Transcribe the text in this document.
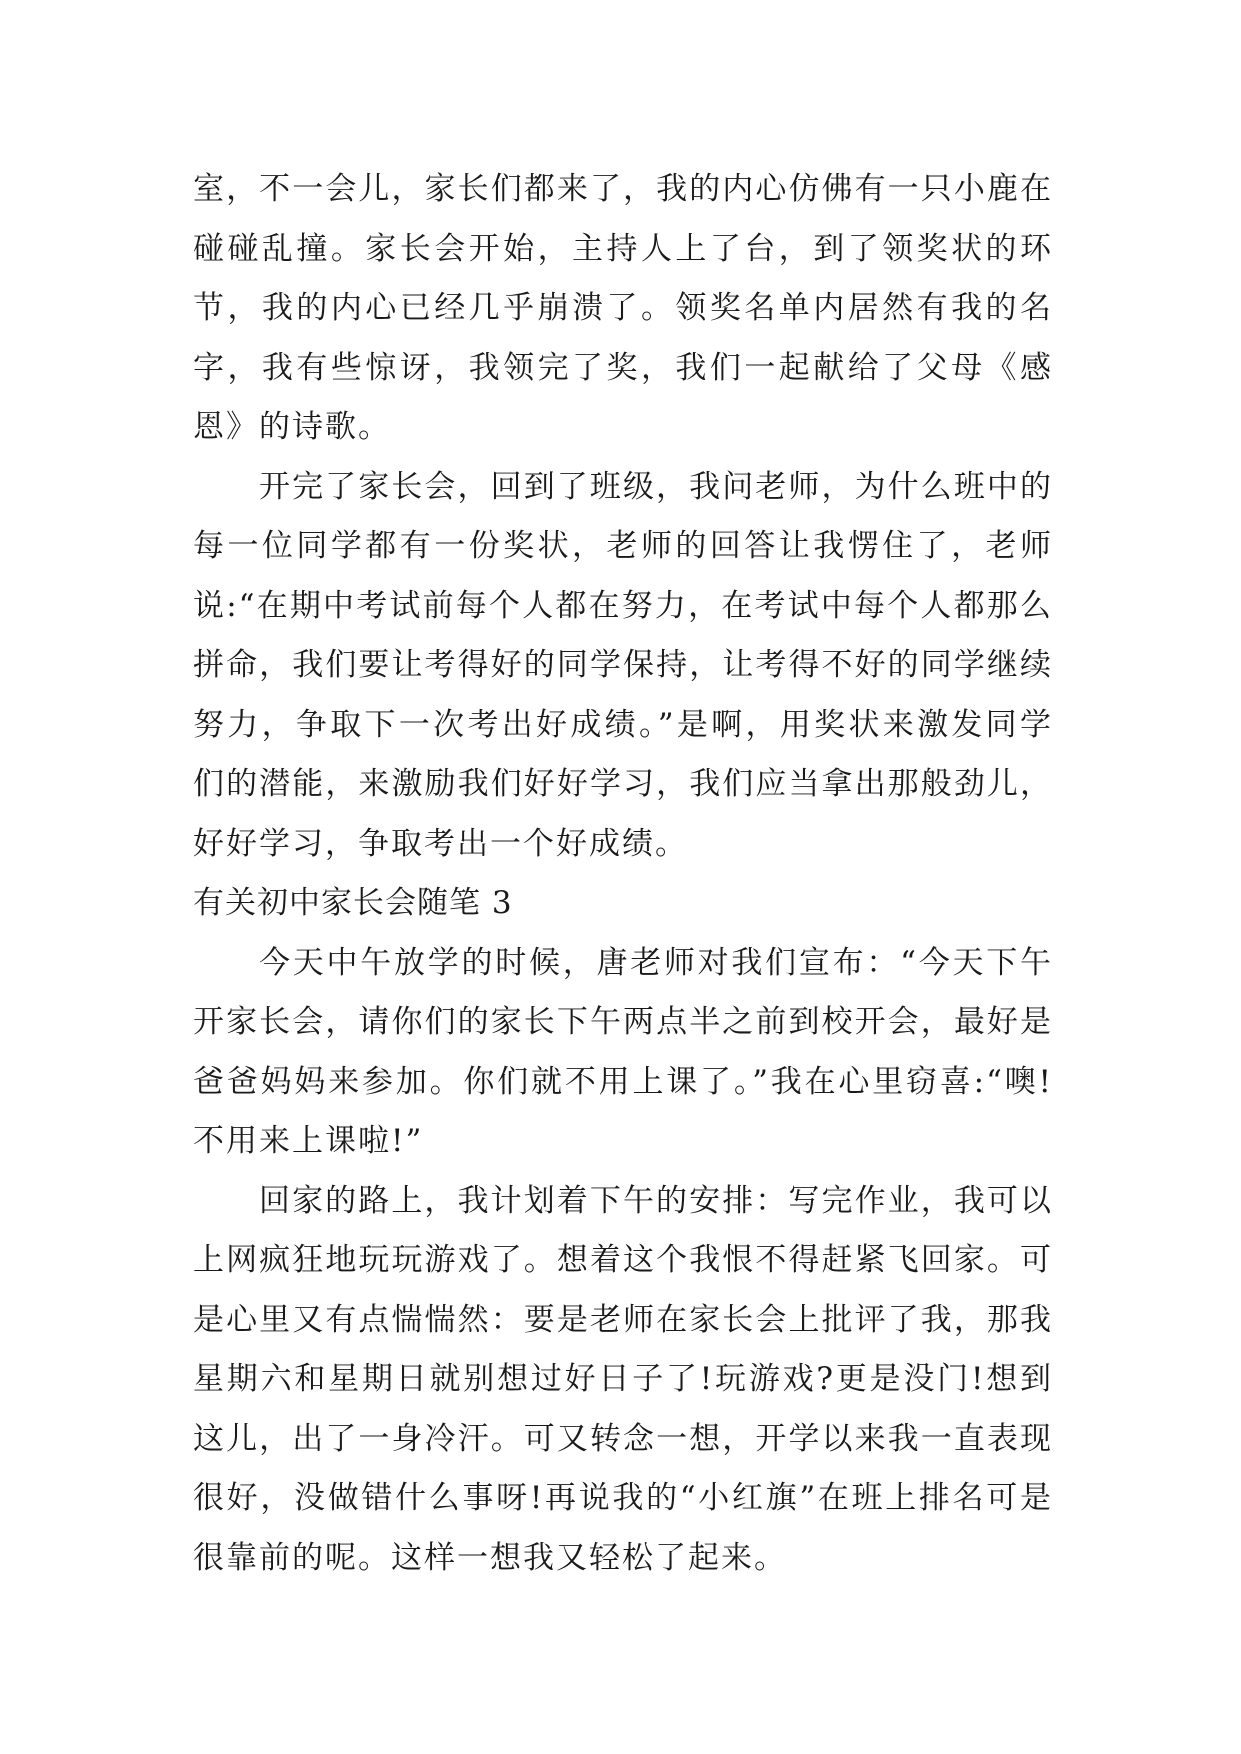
室，不一会儿，家长们都来了，我的内心仿佛有一只小鹿在碰碰乱撞。家长会开始，主持人上了台，到了领奖状的环节，我的内心已经几乎崩溃了。领奖名单内居然有我的名字，我有些惊讶，我领完了奖，我们一起献给了父母《感恩》的诗歌。

开完了家长会，回到了班级，我问老师，为什么班中的每一位同学都有一份奖状，老师的回答让我愣住了，老师说:“在期中考试前每个人都在努力，在考试中每个人都那么拼命，我们要让考得好的同学保持，让考得不好的同学继续努力，争取下一次考出好成绩。”是啊，用奖状来激发同学们的潜能，来激励我们好好学习，我们应当拿出那般劲儿，好好学习，争取考出一个好成绩。

有关初中家长会随笔 3

今天中午放学的时候，唐老师对我们宣布：“今天下午开家长会，请你们的家长下午两点半之前到校开会，最好是爸爸妈妈来参加。你们就不用上课了。”我在心里窃喜:“噢!不用来上课啦!”

回家的路上，我计划着下午的安排：写完作业，我可以上网疯狂地玩玩游戏了。想着这个我恨不得赶紧飞回家。可是心里又有点惴惴然：要是老师在家长会上批评了我，那我星期六和星期日就别想过好日子了!玩游戏?更是没门!想到这儿，出了一身冷汗。可又转念一想，开学以来我一直表现很好，没做错什么事呀!再说我的“小红旗”在班上排名可是很靠前的呢。这样一想我又轻松了起来。
